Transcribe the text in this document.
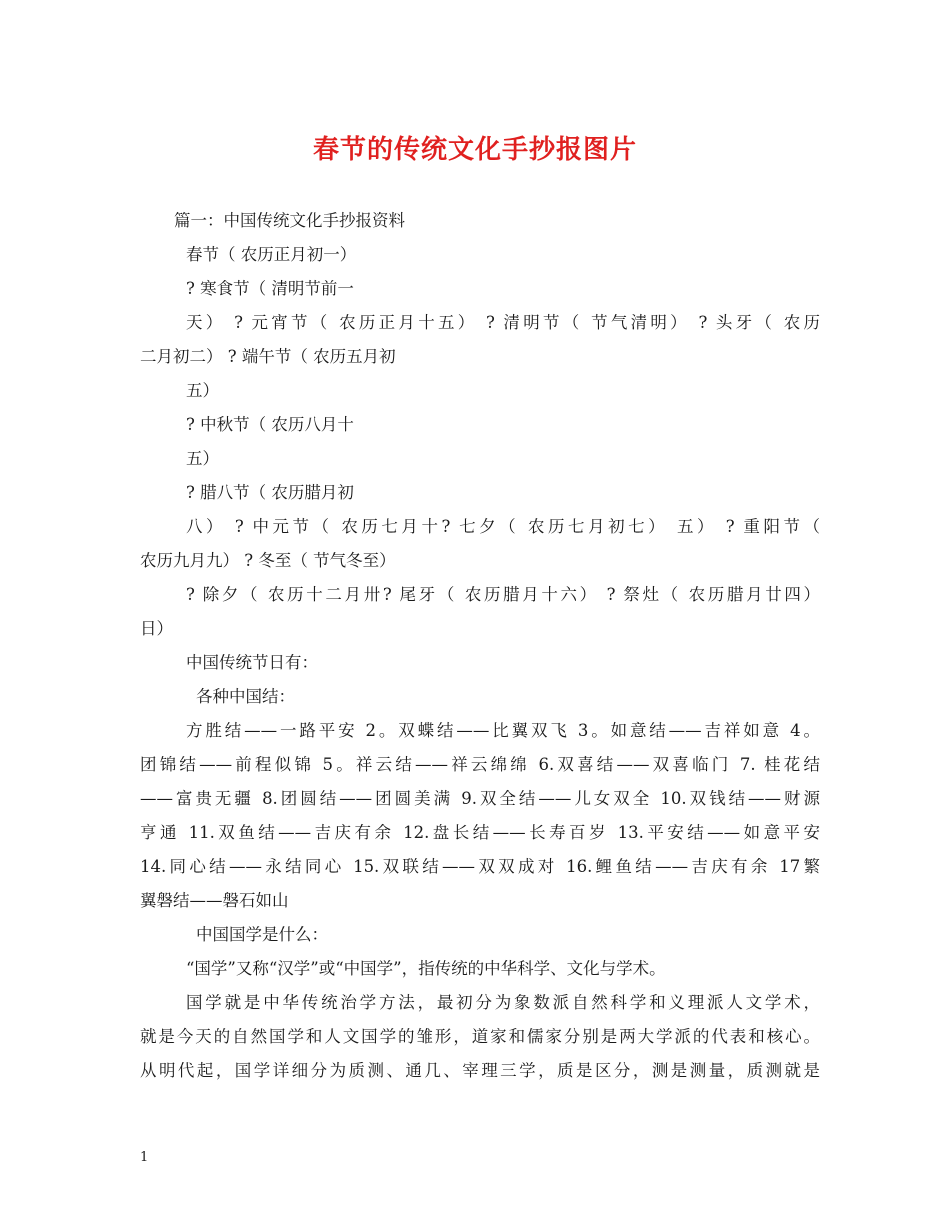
春节的传统文化手抄报图片
篇一：中国传统文化手抄报资料
春节（ 农历正月初一）
? 寒食节（ 清明节前一
天） ? 元宵节（ 农历正月十五） ? 清明节（ 节气清明） ? 头牙（ 农历
二月初二） ? 端午节（ 农历五月初
五）
? 中秋节（ 农历八月十
五）
? 腊八节（ 农历腊月初
八） ? 中元节（ 农历七月十? 七夕（ 农历七月初七） 五） ? 重阳节（
农历九月九） ? 冬至（ 节气冬至）
? 除夕（ 农历十二月卅? 尾牙（ 农历腊月十六） ? 祭灶（ 农历腊月廿四）
日）
中国传统节日有：
各种中国结：
方胜结——一路平安 2。双蝶结——比翼双飞 3。如意结——吉祥如意 4。
团锦结——前程似锦 5。祥云结——祥云绵绵 6.双喜结——双喜临门 7. 桂花结
——富贵无疆 8.团圆结——团圆美满 9.双全结——儿女双全 10.双钱结——财源
亨通 11.双鱼结——吉庆有余 12.盘长结——长寿百岁 13.平安结——如意平安
14.同心结——永结同心 15.双联结——双双成对 16.鲤鱼结——吉庆有余 17繁
翼磐结——磐石如山
中国国学是什么：
“国学”又称“汉学”或“中国学”，指传统的中华科学、文化与学术。
国学就是中华传统治学方法，最初分为象数派自然科学和义理派人文学术，
就是今天的自然国学和人文国学的雏形，道家和儒家分别是两大学派的代表和核心。
从明代起，国学详细分为质测、通几、宰理三学，质是区分，测是测量，质测就是
1
